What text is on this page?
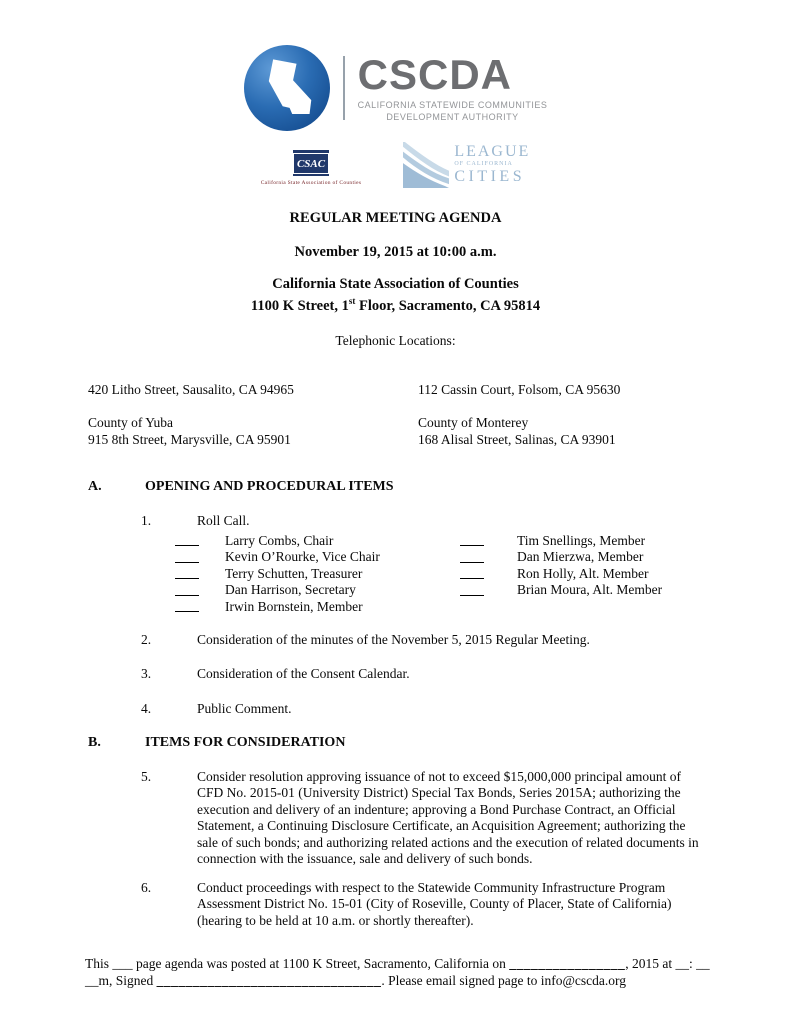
CSCDA
CALIFORNIA STATEWIDE COMMUNITIES
DEVELOPMENT AUTHORITY
CSAC
California State Association of Counties
LEAGUE
OF CALIFORNIA
CITIES
REGULAR MEETING AGENDA
November 19, 2015 at 10:00 a.m.
California State Association of Counties
1100 K Street, 1st Floor, Sacramento, CA 95814
Telephonic Locations:
420 Litho Street, Sausalito, CA 94965	112 Cassin Court, Folsom, CA 95630
County of Yuba
915 8th Street, Marysville, CA 95901
County of Monterey
168 Alisal Street, Salinas, CA 93901
A.	OPENING AND PROCEDURAL ITEMS
1.	Roll Call.
Larry Combs, Chair	Tim Snellings, Member
Kevin O’Rourke, Vice Chair	Dan Mierzwa, Member
Terry Schutten, Treasurer	Ron Holly, Alt. Member
Dan Harrison, Secretary	Brian Moura, Alt. Member
Irwin Bornstein, Member
2.	Consideration of the minutes of the November 5, 2015 Regular Meeting.
3.	Consideration of the Consent Calendar.
4.	Public Comment.
B.	ITEMS FOR CONSIDERATION
5.	Consider resolution approving issuance of not to exceed $15,000,000 principal amount of CFD No. 2015-01 (University District) Special Tax Bonds, Series 2015A; authorizing the execution and delivery of an indenture; approving a Bond Purchase Contract, an Official Statement, a Continuing Disclosure Certificate, an Acquisition Agreement; authorizing the sale of such bonds; and authorizing related actions and the execution of related documents in connection with the issuance, sale and delivery of such bonds.
6.	Conduct proceedings with respect to the Statewide Community Infrastructure Program Assessment District No. 15-01 (City of Roseville, County of Placer, State of California) (hearing to be held at 10 a.m. or shortly thereafter).
This ___ page agenda was posted at 1100 K Street, Sacramento, California on ________________, 2015 at __: __ __m, Signed _______________________________. Please email signed page to info@cscda.org
